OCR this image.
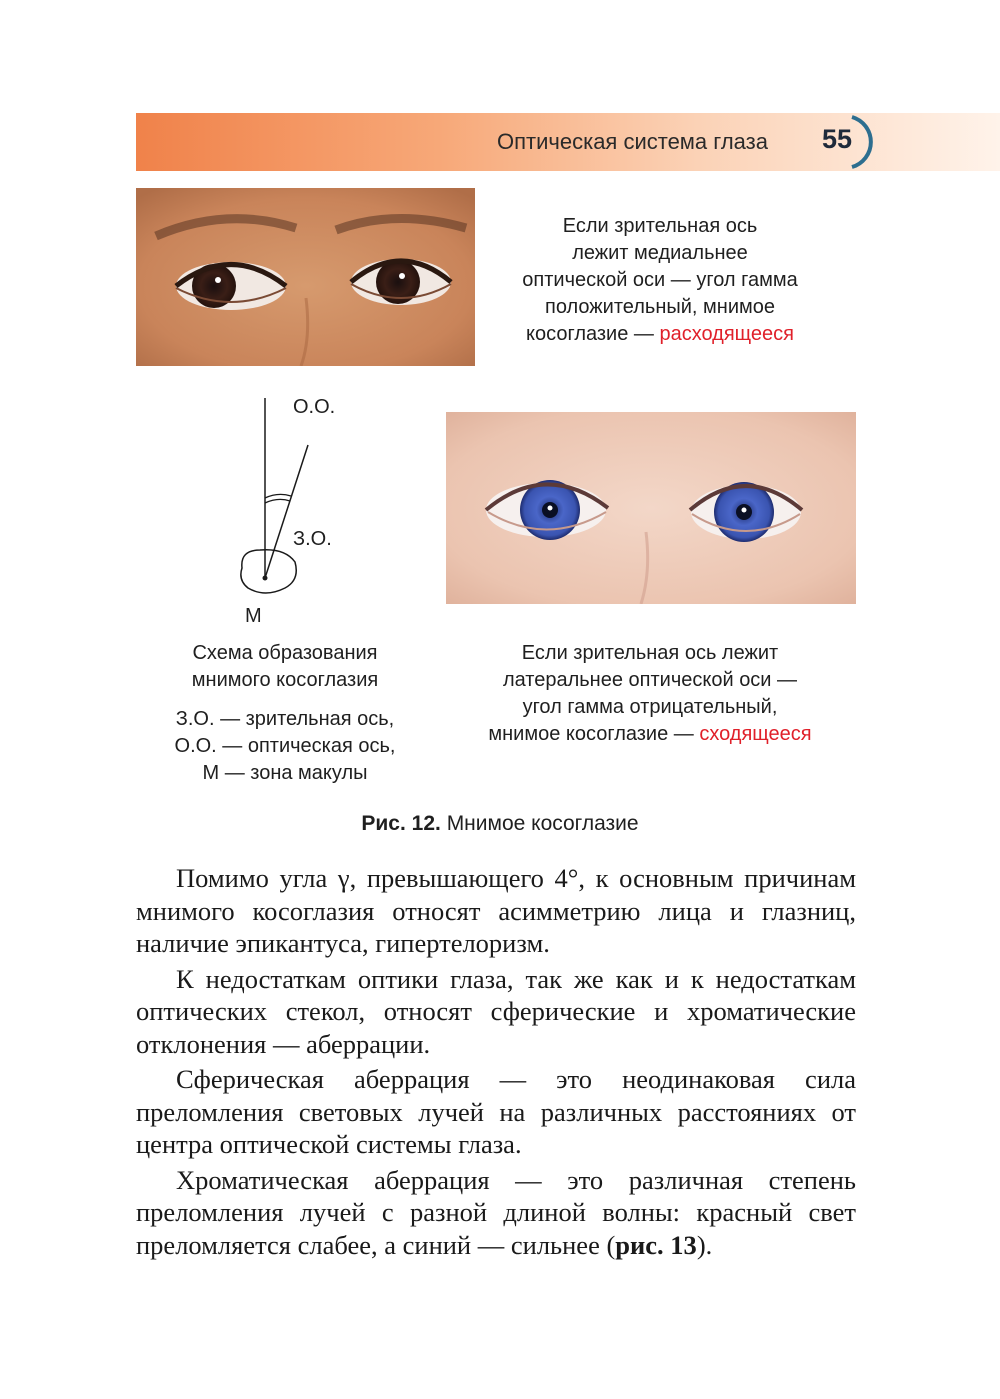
Оптическая система глаза 55
Если зрительная ось
лежит медиальнее
оптической оси — угол гамма
положительный, мнимое
косоглазие — расходящееся
О.О.
З.О.
М
Если зрительная ось лежит
латеральнее оптической оси —
угол гамма отрицательный,
мнимое косоглазие — сходящееся
Схема образования
мнимого косоглазия
З.О. — зрительная ось,
О.О. — оптическая ось,
М — зона макулы
Рис. 12. Мнимое косоглазие

Помимо угла γ, превышающего 4°, к основным причинам мнимого косоглазия относят асимметрию лица и глазниц, наличие эпикантуса, гипертелоризм.

К недостаткам оптики глаза, так же как и к недостаткам оптических стекол, относят сферические и хроматические отклонения — аберрации.

Сферическая аберрация — это неодинаковая сила преломления световых лучей на различных расстояниях от центра оптической системы глаза.

Хроматическая аберрация — это различная степень преломления лучей с разной длиной волны: красный свет преломляется слабее, а синий — сильнее (рис. 13).
